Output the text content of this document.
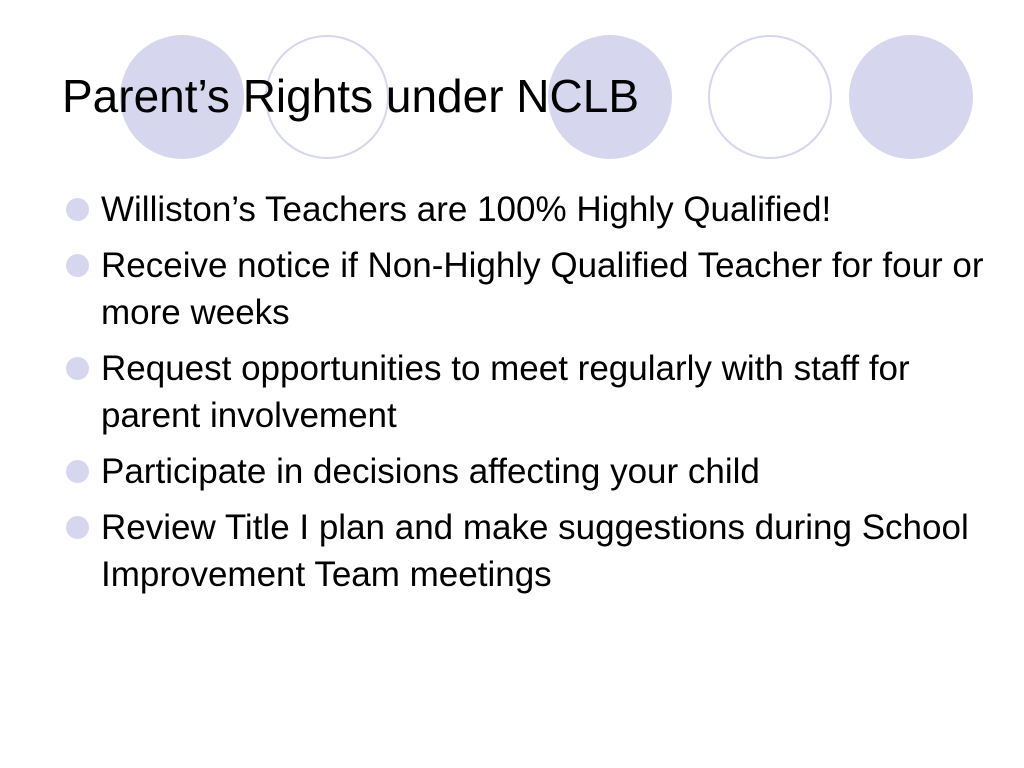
Parent’s Rights under NCLB
Williston’s Teachers are 100% Highly Qualified!
Receive notice if Non-Highly Qualified Teacher for four or more weeks
Request opportunities to meet regularly with staff for parent involvement
Participate in decisions affecting your child
Review Title I plan and make suggestions during School Improvement Team meetings
